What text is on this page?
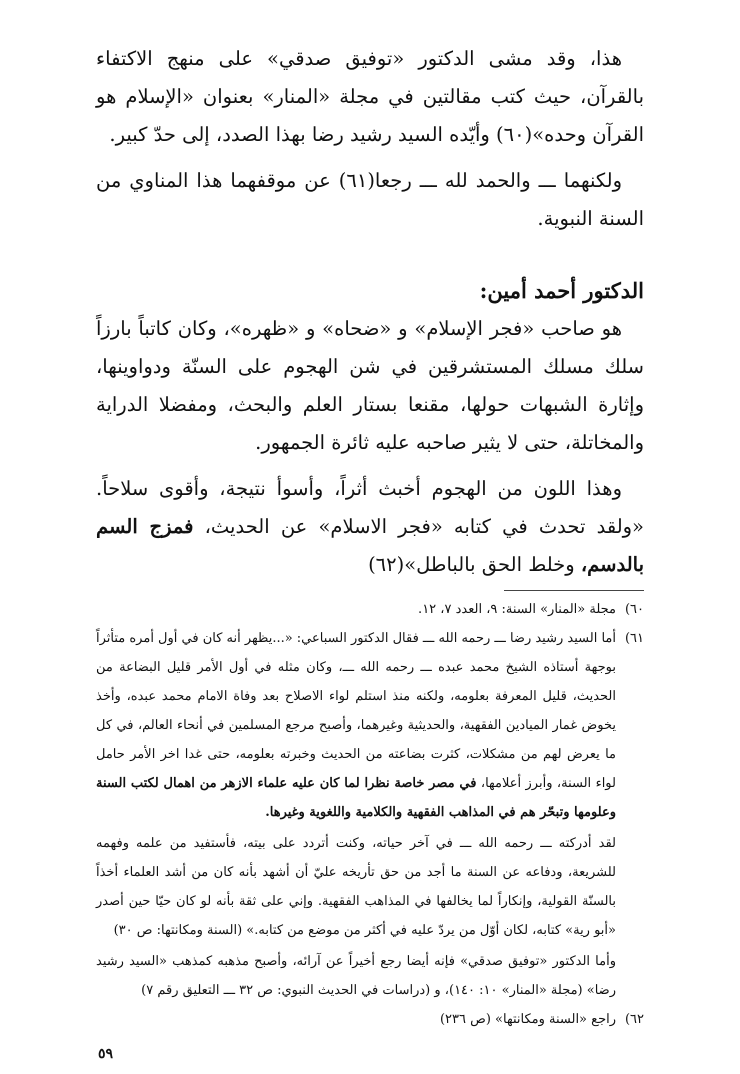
هذا، وقد مشى الدكتور «توفيق صدقي» على منهج الاكتفاء بالقرآن، حيث كتب مقالتين في مجلة «المنار» بعنوان «الإسلام هو القرآن وحده»(٦٠) وأيّده السيد رشيد رضا بهذا الصدد، إلى حدّ كبير.

ولكنهما ـــ والحمد لله ـــ رجعا(٦١) عن موقفهما هذا المناوي من السنة النبوية.

الدكتور أحمد أمين:

هو صاحب «فجر الإسلام» و «ضحاه» و «ظهره»، وكان كاتباً بارزاً سلك مسلك المستشرقين في شن الهجوم على السنّة ودواوينها، وإثارة الشبهات حولها، مقنعا بستار العلم والبحث، ومفضلا الدراية والمخاتلة، حتى لا يثير صاحبه عليه ثائرة الجمهور.

وهذا اللون من الهجوم أخبث أثراً، وأسوأ نتيجة، وأقوى سلاحاً. «ولقد تحدث في كتابه «فجر الاسلام» عن الحديث، فمزج السم بالدسم، وخلط الحق بالباطل»(٦٢)

٦٠)

مجلة «المنار» السنة: ٩، العدد ٧، ١٢.

٦١)

أما السيد رشيد رضا ـــ رحمه الله ـــ فقال الدكتور السباعي: «...يظهر أنه كان في أول أمره متأثراً بوجهة أستاذه الشيخ محمد عبده ـــ رحمه الله ـــ، وكان مثله في أول الأمر قليل البضاعة من الحديث، قليل المعرفة بعلومه، ولكنه منذ استلم لواء الاصلاح بعد وفاة الامام محمد عبده، وأخذ يخوض غمار الميادين الفقهية، والحديثية وغيرهما، وأصبح مرجع المسلمين في أنحاء العالم، في كل ما يعرض لهم من مشكلات، كثرت بضاعته من الحديث وخبرته بعلومه، حتى غدا اخر الأمر حامل لواء السنة، وأبرز أعلامها، في مصر خاصة نظرا لما كان عليه علماء الازهر من اهمال لكتب السنة وعلومها وتبحّر هم في المذاهب الفقهية والكلامية واللغوية وغيرها.

لقد أدركته ـــ رحمه الله ـــ في آخر حياته، وكنت أتردد على بيته، فأستفيد من علمه وفهمه للشريعة، ودفاعه عن السنة ما أجد من حق تأريخه عليّ أن أشهد بأنه كان من أشد العلماء أخذاً بالسنّة القولية، وإنكاراً لما يخالفها في المذاهب الفقهية. وإني على ثقة بأنه لو كان حيّا حين أصدر «أبو رية» كتابه، لكان أوّل من يردّ عليه في أكثر من موضع من كتابه.» (السنة ومكانتها: ص ٣٠)

وأما الدكتور «توفيق صدقي» فإنه أيضا رجع أخيراً عن آرائه، وأصبح مذهبه كمذهب «السيد رشيد رضا» (مجلة «المنار» ١٠: ١٤٠)، و (دراسات في الحديث النبوي: ص ٣٢ ـــ التعليق رقم ٧)

٦٢)

راجع «السنة ومكانتها» (ص ٢٣٦)

٥٩
